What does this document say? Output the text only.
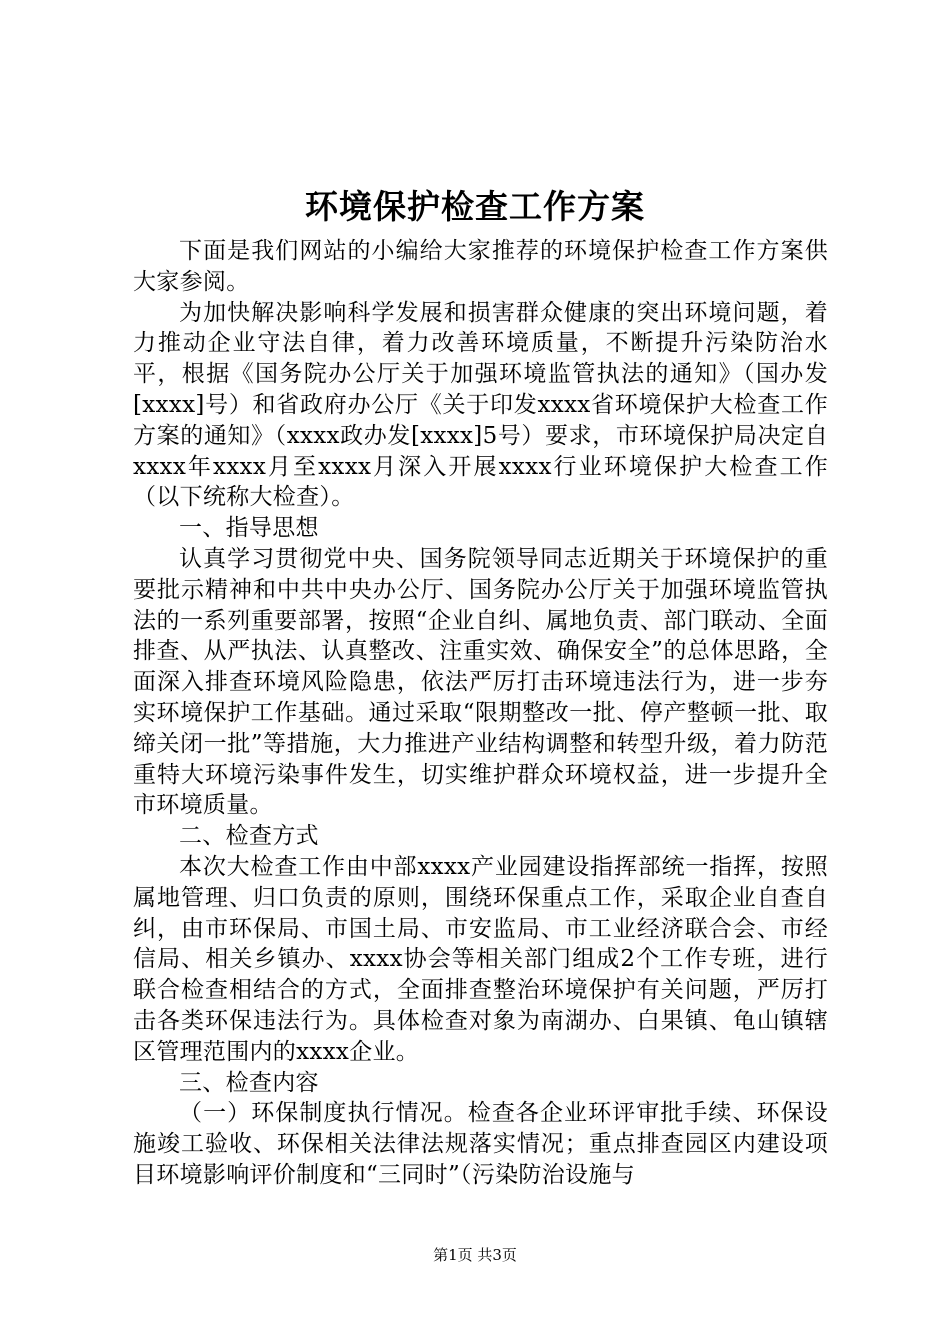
环境保护检查工作方案

下面是我们网站的小编给大家推荐的环境保护检查工作方案供大家参阅。

为加快解决影响科学发展和损害群众健康的突出环境问题，着力推动企业守法自律，着力改善环境质量，不断提升污染防治水平，根据《国务院办公厅关于加强环境监管执法的通知》（国办发[xxxx]号）和省政府办公厅《关于印发xxxx省环境保护大检查工作方案的通知》（xxxx政办发[xxxx]5号）要求，市环境保护局决定自xxxx年xxxx月至xxxx月深入开展xxxx行业环境保护大检查工作（以下统称大检查）。

一、指导思想

认真学习贯彻党中央、国务院领导同志近期关于环境保护的重要批示精神和中共中央办公厅、国务院办公厅关于加强环境监管执法的一系列重要部署，按照“企业自纠、属地负责、部门联动、全面排查、从严执法、认真整改、注重实效、确保安全”的总体思路，全面深入排查环境风险隐患，依法严厉打击环境违法行为，进一步夯实环境保护工作基础。通过采取“限期整改一批、停产整顿一批、取缔关闭一批”等措施，大力推进产业结构调整和转型升级，着力防范重特大环境污染事件发生，切实维护群众环境权益，进一步提升全市环境质量。

二、检查方式

本次大检查工作由中部xxxx产业园建设指挥部统一指挥，按照属地管理、归口负责的原则，围绕环保重点工作，采取企业自查自纠，由市环保局、市国土局、市安监局、市工业经济联合会、市经信局、相关乡镇办、xxxx协会等相关部门组成2个工作专班，进行联合检查相结合的方式，全面排查整治环境保护有关问题，严厉打击各类环保违法行为。具体检查对象为南湖办、白果镇、龟山镇辖区管理范围内的xxxx企业。

三、检查内容

（一）环保制度执行情况。检查各企业环评审批手续、环保设施竣工验收、环保相关法律法规落实情况；重点排查园区内建设项目环境影响评价制度和“三同时”（污染防治设施与

第1页 共3页
